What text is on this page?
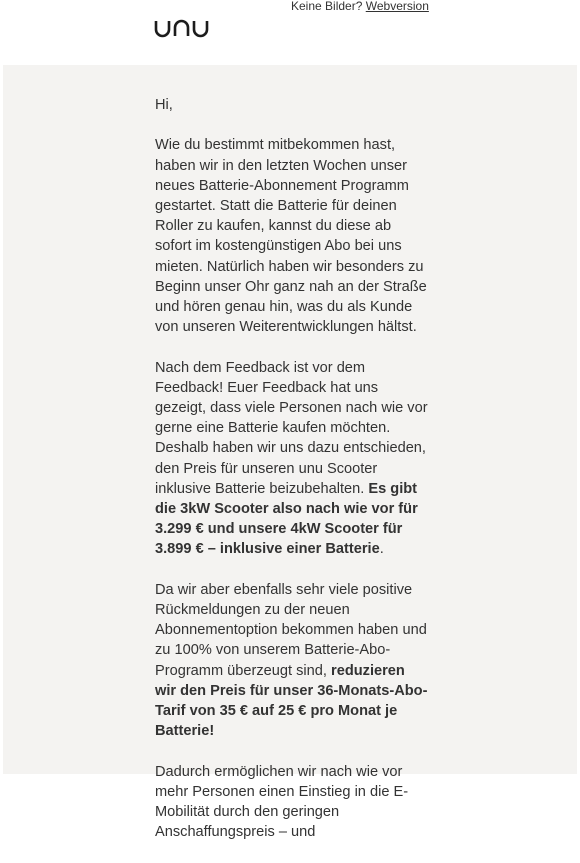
Keine Bilder? Webversion

Hi,

Wie du bestimmt mitbekommen hast, haben wir in den letzten Wochen unser neues Batterie-Abonnement Programm gestartet. Statt die Batterie für deinen Roller zu kaufen, kannst du diese ab sofort im kostengünstigen Abo bei uns mieten. Natürlich haben wir besonders zu Beginn unser Ohr ganz nah an der Straße und hören genau hin, was du als Kunde von unseren Weiterentwicklungen hältst.

Nach dem Feedback ist vor dem Feedback! Euer Feedback hat uns gezeigt, dass viele Personen nach wie vor gerne eine Batterie kaufen möchten. Deshalb haben wir uns dazu entschieden, den Preis für unseren unu Scooter inklusive Batterie beizubehalten. Es gibt die 3kW Scooter also nach wie vor für 3.299 € und unsere 4kW Scooter für 3.899 € – inklusive einer Batterie.

Da wir aber ebenfalls sehr viele positive Rückmeldungen zu der neuen Abonnementoption bekommen haben und zu 100% von unserem Batterie-Abo-Programm überzeugt sind, reduzieren wir den Preis für unser 36-Monats-Abo-Tarif von 35 € auf 25 € pro Monat je Batterie!

Dadurch ermöglichen wir nach wie vor mehr Personen einen Einstieg in die E-Mobilität durch den geringen Anschaffungspreis – und
